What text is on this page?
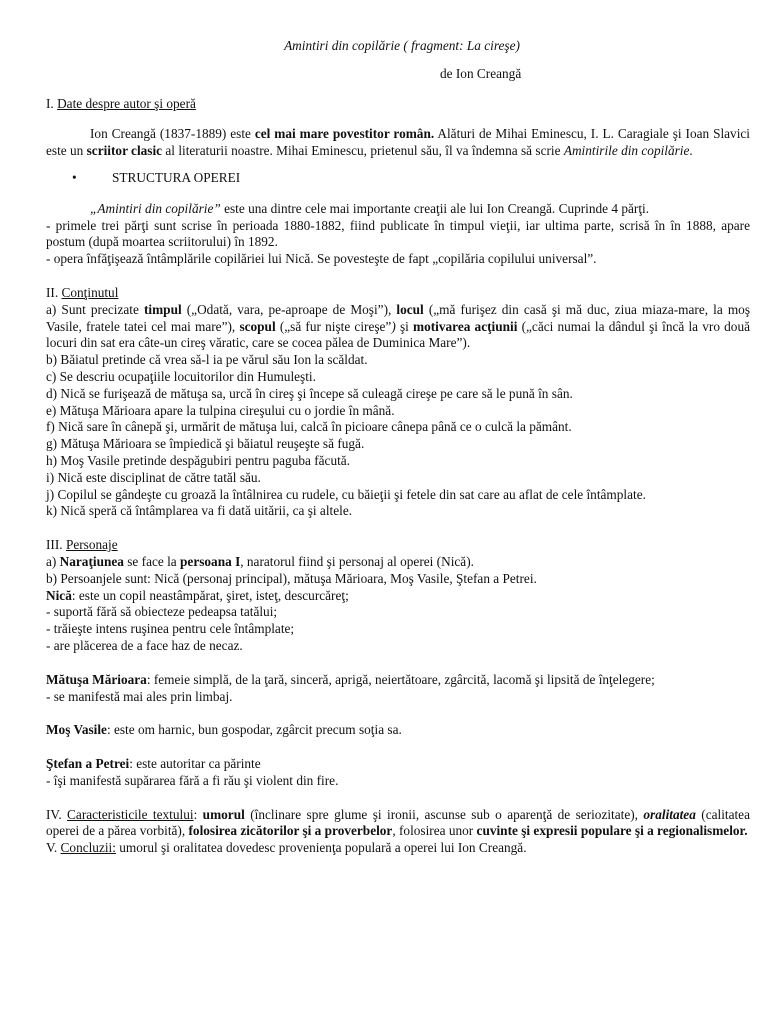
Amintiri din copilărie ( fragment: La cireşe)

de Ion Creangă

I. Date despre autor şi operă

Ion Creangă (1837-1889) este cel mai mare povestitor român. Alături de Mihai Eminescu, I. L. Caragiale şi Ioan Slavici este un scriitor clasic al literaturii noastre. Mihai Eminescu, prietenul său, îl va îndemna să scrie Amintirile din copilărie.

•	STRUCTURA OPEREI

„Amintiri din copilărie” este una dintre cele mai importante creaţii ale lui Ion Creangă. Cuprinde 4 părţi.

- primele trei părţi sunt scrise în perioada 1880-1882, fiind publicate în timpul vieţii, iar ultima parte, scrisă în în 1888, apare postum (după moartea scriitorului) în 1892.

- opera înfăţişează întâmplările copilăriei lui Nică. Se povesteşte de fapt „copilăria copilului universal”.

II. Conţinutul

a) Sunt precizate timpul („Odată, vara, pe-aproape de Moşi”), locul („mă furişez din casă şi mă duc, ziua miaza-mare, la moş Vasile, fratele tatei cel mai mare”), scopul („să fur nişte cireşe”) şi motivarea acţiunii („căci numai la dândul şi încă la vro două locuri din sat era câte-un cireş văratic, care se cocea pălea de Duminica Mare”).

b) Băiatul pretinde că vrea să-l ia pe vărul său Ion la scăldat.

c) Se descriu ocupaţiile locuitorilor din Humuleşti.

d) Nică se furişează de mătuşa sa, urcă în cireş şi începe să culeagă cireşe pe care să le pună în sân.

e) Mătuşa Mărioara apare la tulpina cireşului cu o jordie în mână.

f) Nică sare în cânepă şi, urmărit de mătuşa lui, calcă în picioare cânepa până ce o culcă la pământ.

g) Mătuşa Mărioara se împiedică şi băiatul reuşeşte să fugă.

h) Moş Vasile pretinde despăgubiri pentru paguba făcută.

i) Nică este disciplinat de către tatăl său.

j) Copilul se gândeşte cu groază la întâlnirea cu rudele, cu băieţii şi fetele din sat care au aflat de cele întâmplate.

k) Nică speră că întâmplarea va fi dată uitării, ca şi altele.

III. Personaje

a) Naraţiunea se face la persoana I, naratorul fiind şi personaj al operei (Nică).

b) Persoanjele sunt: Nică (personaj principal), mătuşa Mărioara, Moş Vasile, Ştefan a Petrei.

Nică: este un copil neastâmpărat, şiret, isteţ, descurcăreţ;

- suportă fără să obiecteze pedeapsa tatălui;

- trăieşte intens ruşinea pentru cele întâmplate;

- are plăcerea de a face haz de necaz.

Mătuşa Mărioara: femeie simplă, de la ţară, sinceră, aprigă, neiertătoare, zgârcită, lacomă şi lipsită de înţelegere;

- se manifestă mai ales prin limbaj.

Moş Vasile: este om harnic, bun gospodar, zgârcit precum soţia sa.

Ştefan a Petrei: este autoritar ca părinte

- îşi manifestă supărarea fără a fi rău şi violent din fire.

IV. Caracteristicile textului: umorul (înclinare spre glume şi ironii, ascunse sub o aparenţă de seriozitate), oralitatea (calitatea operei de a părea vorbită), folosirea zicătorilor şi a proverbelor, folosirea unor cuvinte şi expresii populare şi a regionalismelor.

V. Concluzii: umorul şi oralitatea dovedesc provenienţa populară a operei lui Ion Creangă.
